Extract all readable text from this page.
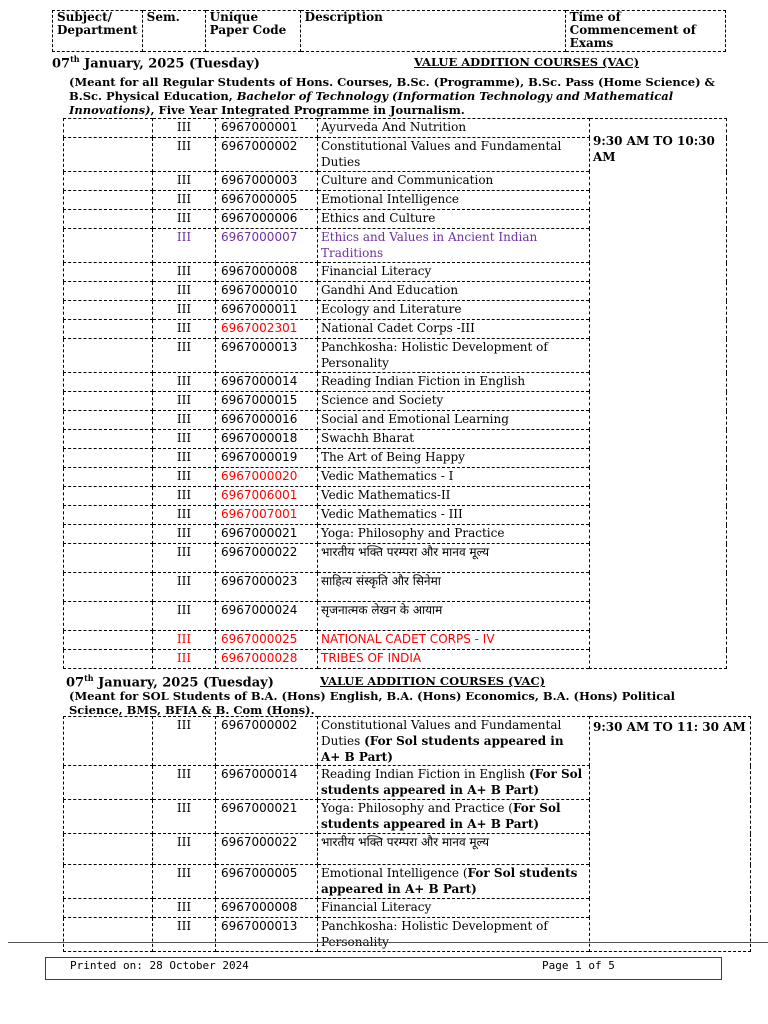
Subject/ Department	Sem.	Unique Paper Code	Description	Time of Commencement of Exams
07th January, 2025 (Tuesday)	VALUE ADDITION COURSES (VAC)
(Meant for all Regular Students of Hons. Courses, B.Sc. (Programme), B.Sc. Pass (Home Science) & B.Sc. Physical Education, Bachelor of Technology (Information Technology and Mathematical Innovations), Five Year Integrated Programme in Journalism.
	III	6967000001	Ayurveda And Nutrition	9:30 AM TO 10:30 AM
	III	6967000002	Constitutional Values and Fundamental Duties	
	III	6967000003	Culture and Communication	
	III	6967000005	Emotional Intelligence	
	III	6967000006	Ethics and Culture	
	III	6967000007	Ethics and Values in Ancient Indian Traditions	
	III	6967000008	Financial Literacy	
	III	6967000010	Gandhi And Education	
	III	6967000011	Ecology and Literature	
	III	6967002301	National Cadet Corps -III	
	III	6967000013	Panchkosha: Holistic Development of Personality	
	III	6967000014	Reading Indian Fiction in English	
	III	6967000015	Science and Society	
	III	6967000016	Social and Emotional Learning	
	III	6967000018	Swachh Bharat	
	III	6967000019	The Art of Being Happy	
	III	6967000020	Vedic Mathematics - I	
	III	6967006001	Vedic Mathematics-II	
	III	6967007001	Vedic Mathematics - III	
	III	6967000021	Yoga: Philosophy and Practice	
	III	6967000022	भारतीय भक्ति परम्परा और मानव मूल्य	
	III	6967000023	साहित्य संस्कृति और सिनेमा	
	III	6967000024	सृजनात्मक लेखन के आयाम	
	III	6967000025	NATIONAL CADET CORPS - IV	
	III	6967000028	TRIBES OF INDIA	
07th January, 2025 (Tuesday)	VALUE ADDITION COURSES (VAC)
(Meant for SOL Students of B.A. (Hons) English, B.A. (Hons) Economics, B.A. (Hons) Political Science, BMS, BFIA & B. Com (Hons).
	III	6967000002	Constitutional Values and Fundamental Duties (For Sol students appeared in A+ B Part)	9:30 AM TO 11: 30 AM
	III	6967000014	Reading Indian Fiction in English (For Sol students appeared in A+ B Part)	
	III	6967000021	Yoga: Philosophy and Practice (For Sol students appeared in A+ B Part)	
	III	6967000022	भारतीय भक्ति परम्परा और मानव मूल्य	
	III	6967000005	Emotional Intelligence (For Sol students appeared in A+ B Part)	
	III	6967000008	Financial Literacy	
	III	6967000013	Panchkosha: Holistic Development of Personality	
Printed on: 28 October 2024	Page 1 of 5
